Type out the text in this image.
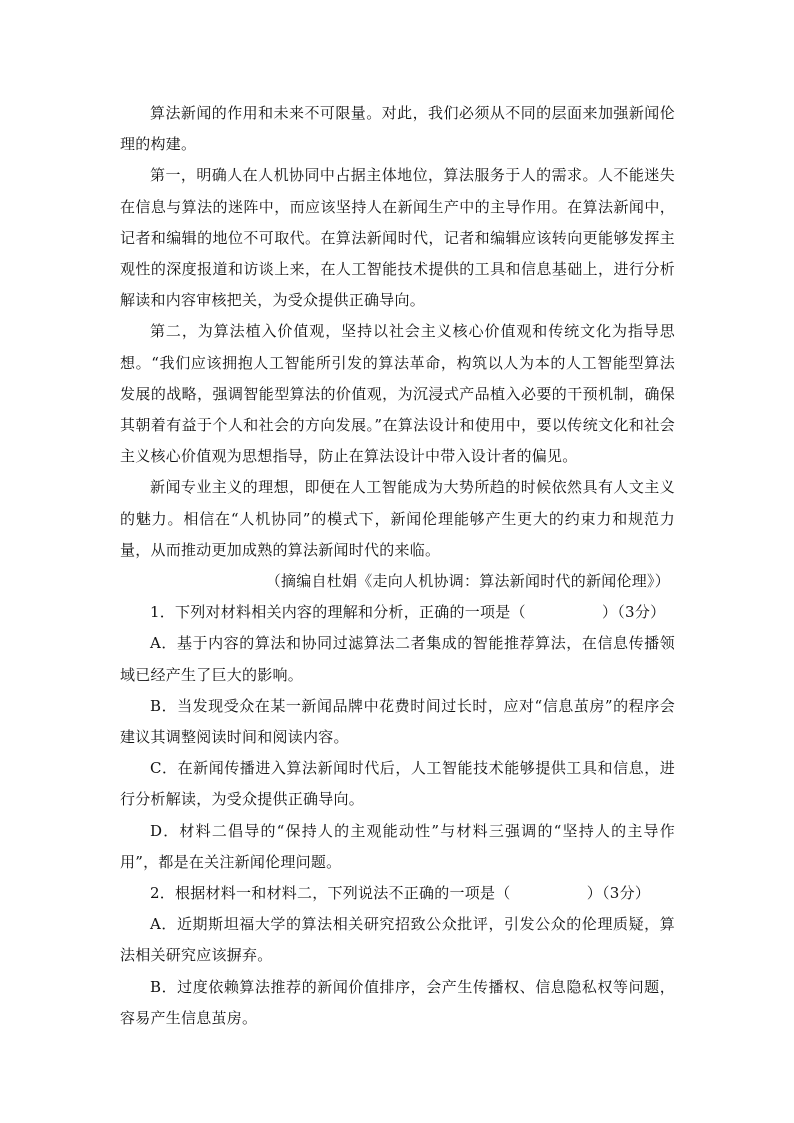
算法新闻的作用和未来不可限量。对此，我们必须从不同的层面来加强新闻伦理的构建。

第一，明确人在人机协同中占据主体地位，算法服务于人的需求。人不能迷失在信息与算法的迷阵中，而应该坚持人在新闻生产中的主导作用。在算法新闻中，记者和编辑的地位不可取代。在算法新闻时代，记者和编辑应该转向更能够发挥主观性的深度报道和访谈上来，在人工智能技术提供的工具和信息基础上，进行分析解读和内容审核把关，为受众提供正确导向。

第二，为算法植入价值观，坚持以社会主义核心价值观和传统文化为指导思想。“我们应该拥抱人工智能所引发的算法革命，构筑以人为本的人工智能型算法发展的战略，强调智能型算法的价值观，为沉浸式产品植入必要的干预机制，确保其朝着有益于个人和社会的方向发展。”在算法设计和使用中，要以传统文化和社会主义核心价值观为思想指导，防止在算法设计中带入设计者的偏见。

新闻专业主义的理想，即便在人工智能成为大势所趋的时候依然具有人文主义的魅力。相信在“人机协同”的模式下，新闻伦理能够产生更大的约束力和规范力量，从而推动更加成熟的算法新闻时代的来临。

（摘编自杜娟《走向人机协调：算法新闻时代的新闻伦理》）

1．下列对材料相关内容的理解和分析，正确的一项是（　　　　　）（3分）

A．基于内容的算法和协同过滤算法二者集成的智能推荐算法，在信息传播领域已经产生了巨大的影响。

B．当发现受众在某一新闻品牌中花费时间过长时，应对“信息茧房”的程序会建议其调整阅读时间和阅读内容。

C．在新闻传播进入算法新闻时代后，人工智能技术能够提供工具和信息，进行分析解读，为受众提供正确导向。

D．材料二倡导的“保持人的主观能动性”与材料三强调的“坚持人的主导作用”，都是在关注新闻伦理问题。

2．根据材料一和材料二，下列说法不正确的一项是（　　　　　）（3分）

A．近期斯坦福大学的算法相关研究招致公众批评，引发公众的伦理质疑，算法相关研究应该摒弃。

B．过度依赖算法推荐的新闻价值排序，会产生传播权、信息隐私权等问题，容易产生信息茧房。
